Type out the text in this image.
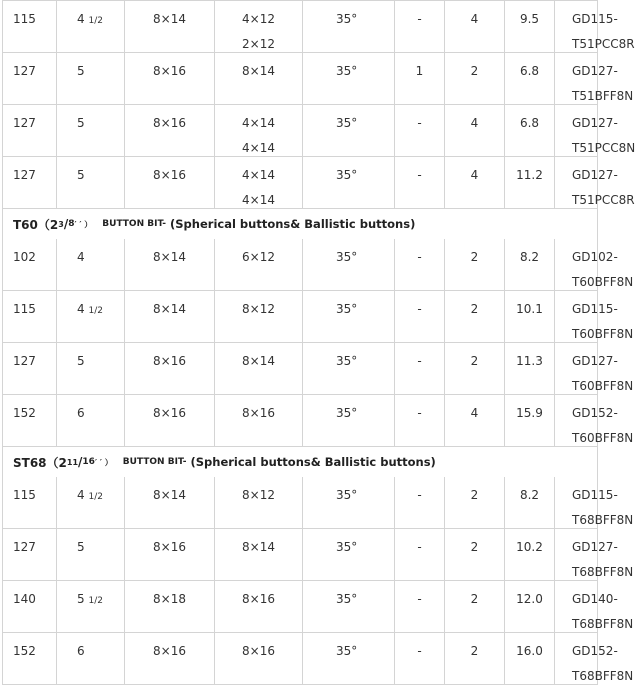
115	4 1/2	8×14	4×12
2×12
35°	-	4	9.5	GD115-
T51PCC8R
127	5	8×16	8×14	35°	1	2	6.8	GD127-
T51BFF8N
127	5	8×16	4×14
4×14
35°	-	4	6.8	GD127-
T51PCC8N
127	5	8×16	4×14
4×14
35°	-	4	11.2	GD127-
T51PCC8R
T60（2 3 / 8 ′ ′ ） BUTTON BIT- (Spherical buttons& Ballistic buttons)
102	4	8×14	6×12	35°	-	2	8.2	GD102-
T60BFF8N
115	4 1/2	8×14	8×12	35°	-	2	10.1	GD115-
T60BFF8N
127	5	8×16	8×14	35°	-	2	11.3	GD127-
T60BFF8N
152	6	8×16	8×16	35°	-	4	15.9	GD152-
T60BFF8N
ST68（2 11 / 16 ′ ′ ） BUTTON BIT- (Spherical buttons& Ballistic buttons)
115	4 1/2	8×14	8×12	35°	-	2	8.2	GD115-
T68BFF8N
127	5	8×16	8×14	35°	-	2	10.2	GD127-
T68BFF8N
140	5 1/2	8×18	8×16	35°	-	2	12.0	GD140-
T68BFF8N
152	6	8×16	8×16	35°	-	2	16.0	GD152-
T68BFF8N
